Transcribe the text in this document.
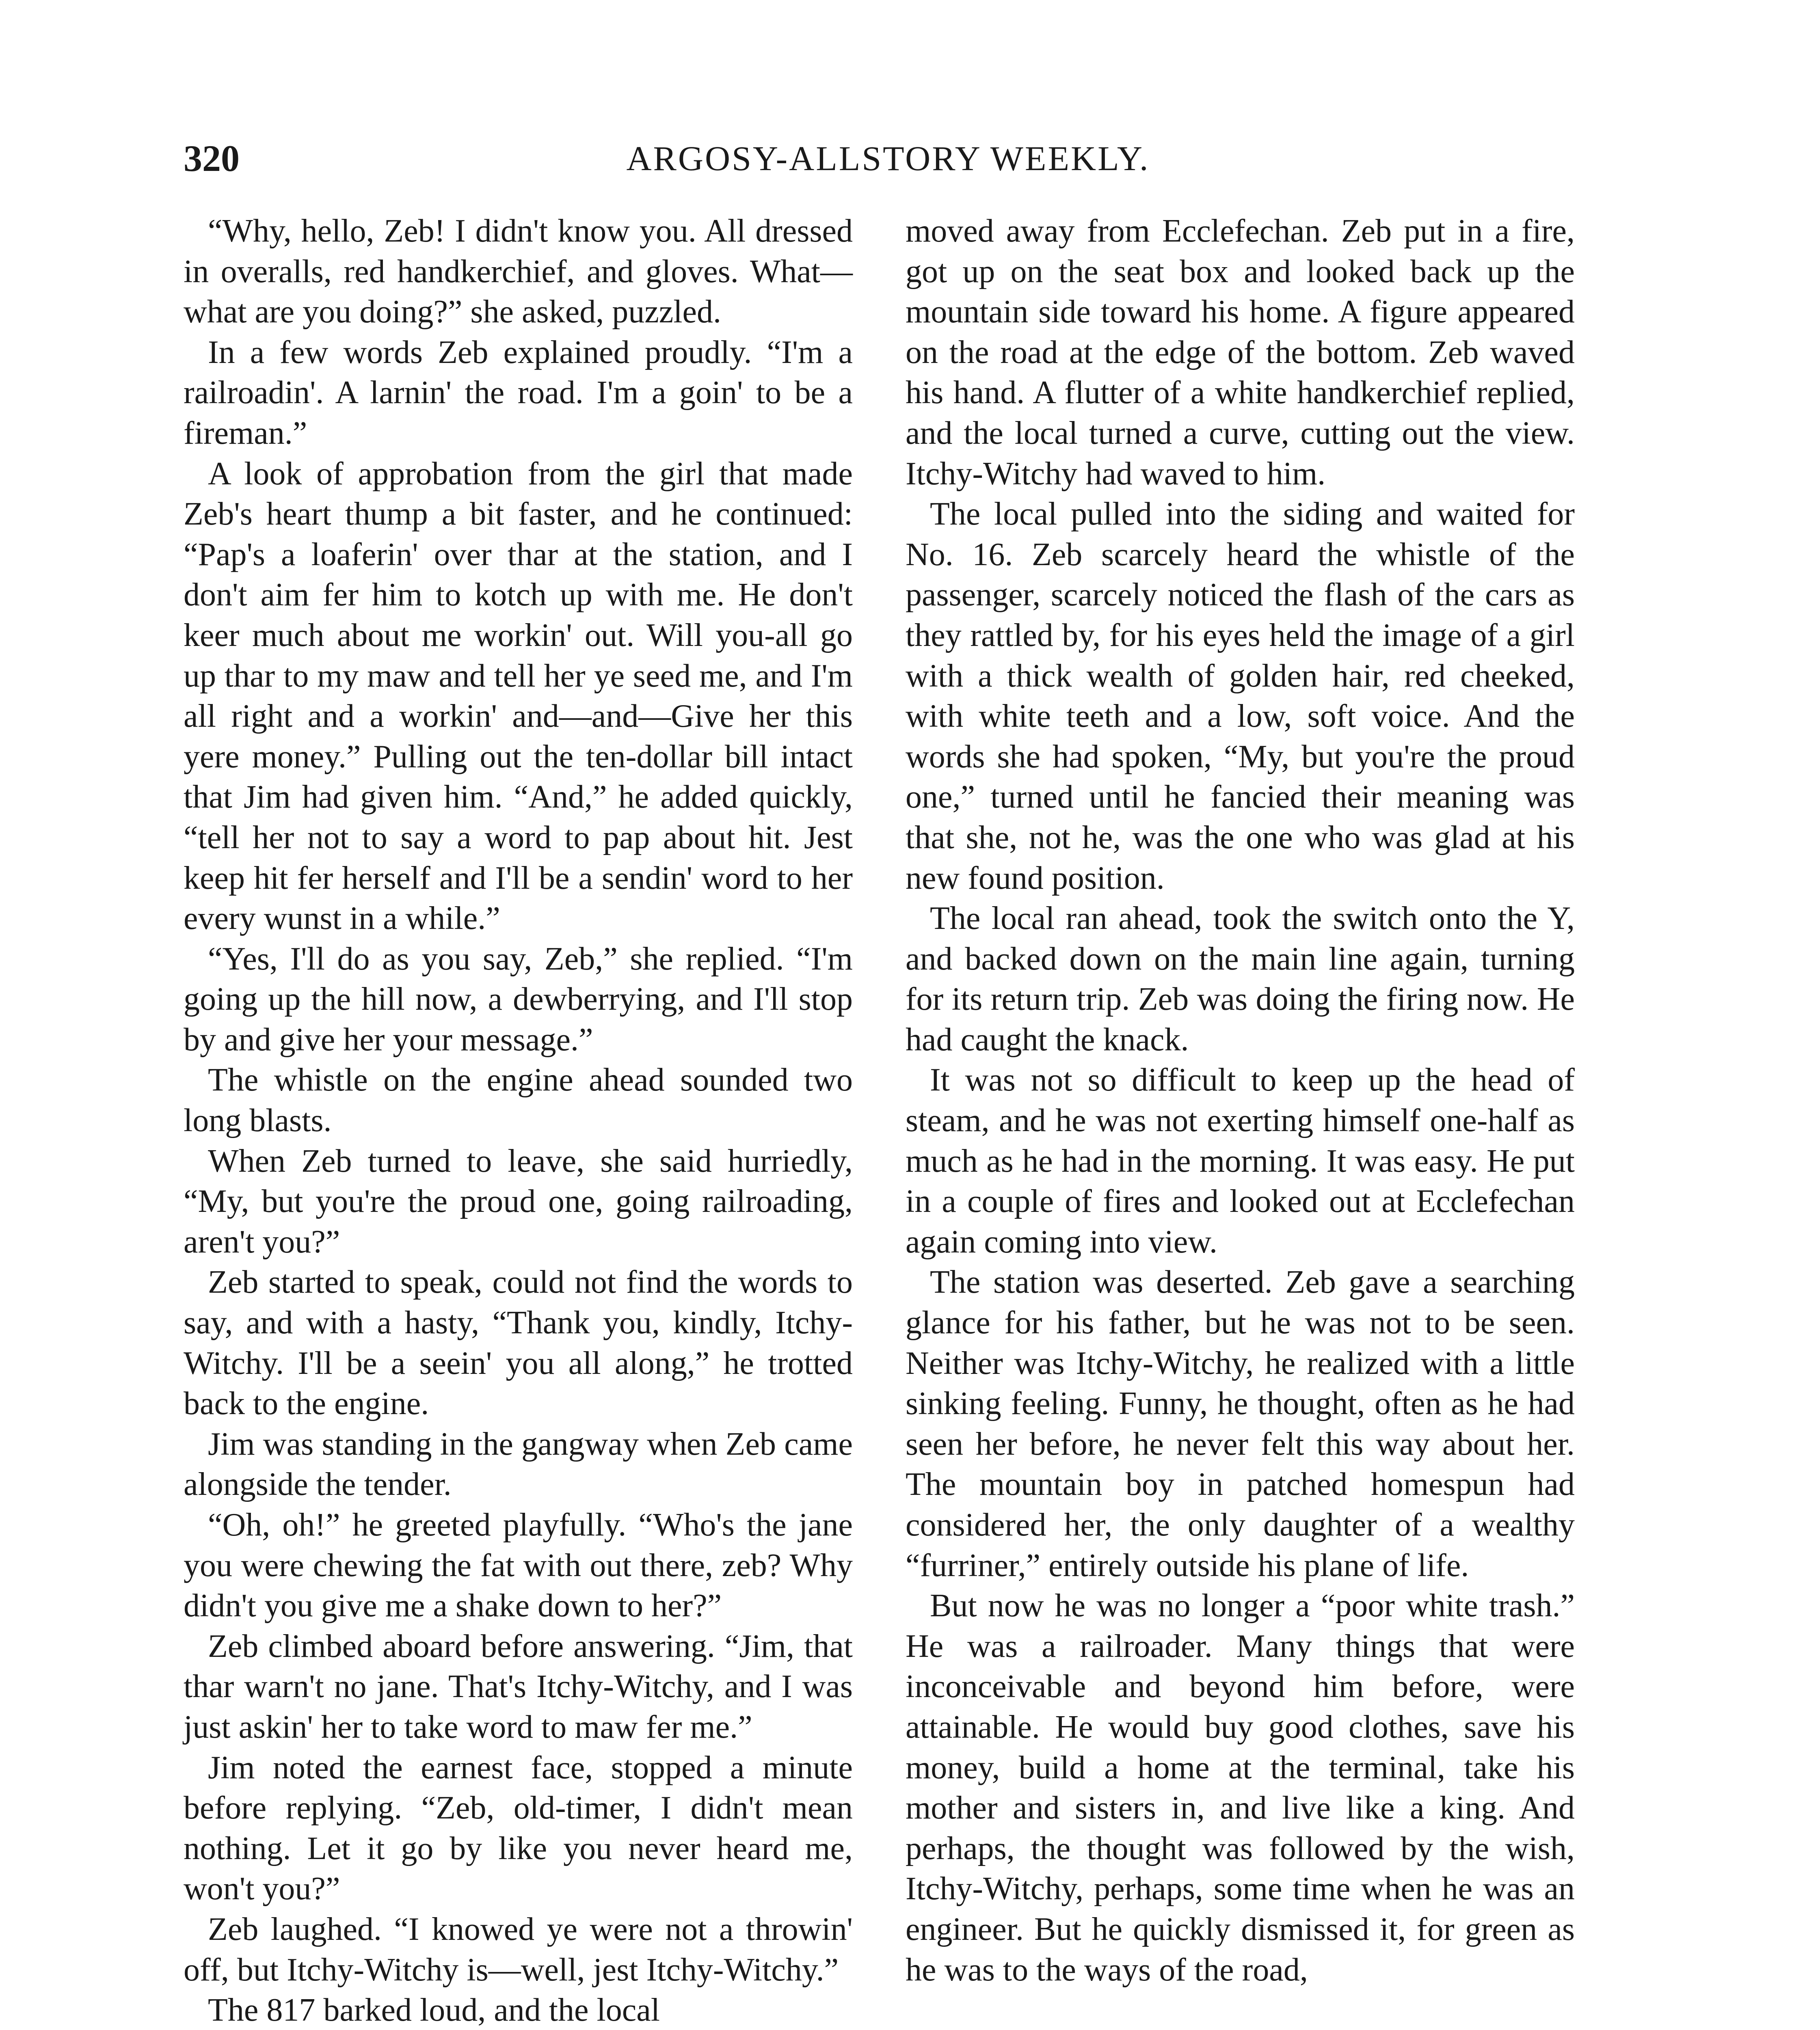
320	ARGOSY-ALLSTORY WEEKLY.

“Why, hello, Zeb! I didn't know you. All dressed in overalls, red handkerchief, and gloves. What—what are you doing?” she asked, puzzled.

In a few words Zeb explained proudly. “I'm a railroadin'. A larnin' the road. I'm a goin' to be a fireman.”

A look of approbation from the girl that made Zeb's heart thump a bit faster, and he continued: “Pap's a loaferin' over thar at the station, and I don't aim fer him to kotch up with me. He don't keer much about me workin' out. Will you-all go up thar to my maw and tell her ye seed me, and I'm all right and a workin' and—and—Give her this yere money.” Pulling out the ten-dollar bill intact that Jim had given him. “And,” he added quickly, “tell her not to say a word to pap about hit. Jest keep hit fer herself and I'll be a sendin' word to her every wunst in a while.”

“Yes, I'll do as you say, Zeb,” she replied. “I'm going up the hill now, a dewberrying, and I'll stop by and give her your message.”

The whistle on the engine ahead sounded two long blasts.

When Zeb turned to leave, she said hurriedly, “My, but you're the proud one, going railroading, aren't you?”

Zeb started to speak, could not find the words to say, and with a hasty, “Thank you, kindly, Itchy-Witchy. I'll be a seein' you all along,” he trotted back to the engine.

Jim was standing in the gangway when Zeb came alongside the tender.

“Oh, oh!” he greeted playfully. “Who's the jane you were chewing the fat with out there, zeb? Why didn't you give me a shake down to her?”

Zeb climbed aboard before answering. “Jim, that thar warn't no jane. That's Itchy-Witchy, and I was just askin' her to take word to maw fer me.”

Jim noted the earnest face, stopped a minute before replying. “Zeb, old-timer, I didn't mean nothing. Let it go by like you never heard me, won't you?”

Zeb laughed. “I knowed ye were not a throwin' off, but Itchy-Witchy is—well, jest Itchy-Witchy.”

The 817 barked loud, and the local

moved away from Ecclefechan. Zeb put in a fire, got up on the seat box and looked back up the mountain side toward his home. A figure appeared on the road at the edge of the bottom. Zeb waved his hand. A flutter of a white handkerchief replied, and the local turned a curve, cutting out the view. Itchy-Witchy had waved to him.

The local pulled into the siding and waited for No. 16. Zeb scarcely heard the whistle of the passenger, scarcely noticed the flash of the cars as they rattled by, for his eyes held the image of a girl with a thick wealth of golden hair, red cheeked, with white teeth and a low, soft voice. And the words she had spoken, “My, but you're the proud one,” turned until he fancied their meaning was that she, not he, was the one who was glad at his new found position.

The local ran ahead, took the switch onto the Y, and backed down on the main line again, turning for its return trip. Zeb was doing the firing now. He had caught the knack.

It was not so difficult to keep up the head of steam, and he was not exerting himself one-half as much as he had in the morning. It was easy. He put in a couple of fires and looked out at Ecclefechan again coming into view.

The station was deserted. Zeb gave a searching glance for his father, but he was not to be seen. Neither was Itchy-Witchy, he realized with a little sinking feeling. Funny, he thought, often as he had seen her before, he never felt this way about her. The mountain boy in patched homespun had considered her, the only daughter of a wealthy “furriner,” entirely outside his plane of life.

But now he was no longer a “poor white trash.” He was a railroader. Many things that were inconceivable and beyond him before, were attainable. He would buy good clothes, save his money, build a home at the terminal, take his mother and sisters in, and live like a king. And perhaps, the thought was followed by the wish, Itchy-Witchy, perhaps, some time when he was an engineer. But he quickly dismissed it, for green as he was to the ways of the road,
